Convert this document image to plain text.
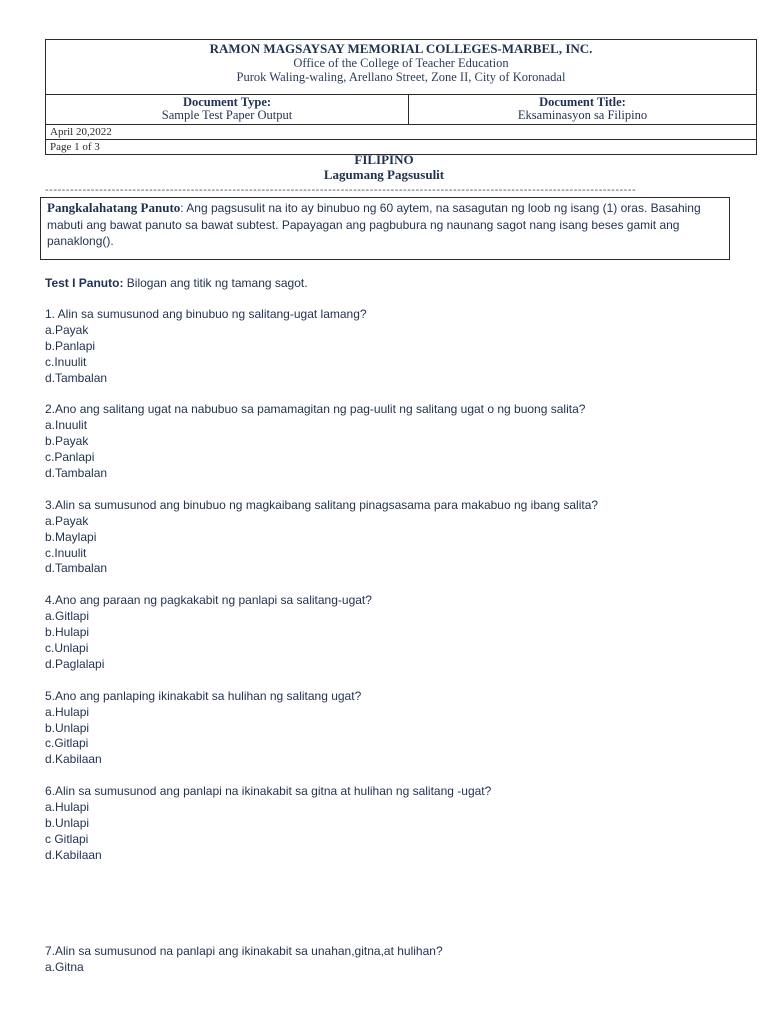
RAMON MAGSAYSAY MEMORIAL COLLEGES-MARBEL, INC.
Office of the College of Teacher Education
Purok Waling-waling, Arellano Street, Zone II, City of Koronadal
Document Type:
Sample Test Paper Output
Document Title:
Eksaminasyon sa Filipino
April 20,2022
Page 1 of 3
FILIPINO
Lagumang Pagsusulit
----------------------------------------------------------------------------------------------------------------------------------------------
Pangkalahatang Panuto: Ang pagsusulit na ito ay binubuo ng 60 aytem, na sasagutan ng loob ng isang (1) oras. Basahing mabuti ang bawat panuto sa bawat subtest. Papayagan ang pagbubura ng naunang sagot nang isang beses gamit ang panaklong().
Test I Panuto: Bilogan ang titik ng tamang sagot.
1. Alin sa sumusunod ang binubuo ng salitang-ugat lamang?
a.Payak
b.Panlapi
c.Inuulit
d.Tambalan
2.Ano ang salitang ugat na nabubuo sa pamamagitan ng pag-uulit ng salitang ugat o ng buong salita?
a.Inuulit
b.Payak
c.Panlapi
d.Tambalan
3.Alin sa sumusunod ang binubuo ng magkaibang salitang pinagsasama para makabuo ng ibang salita?
a.Payak
b.Maylapi
c.Inuulit
d.Tambalan
4.Ano ang paraan ng pagkakabit ng panlapi sa salitang-ugat?
a.Gitlapi
b.Hulapi
c.Unlapi
d.Paglalapi
5.Ano ang panlaping ikinakabit sa hulihan ng salitang ugat?
a.Hulapi
b.Unlapi
c.Gitlapi
d.Kabilaan
6.Alin sa sumusunod ang panlapi na ikinakabit sa gitna at hulihan ng salitang -ugat?
a.Hulapi
b.Unlapi
c Gitlapi
d.Kabilaan
7.Alin sa sumusunod na panlapi ang ikinakabit sa unahan,gitna,at hulihan?
a.Gitna
